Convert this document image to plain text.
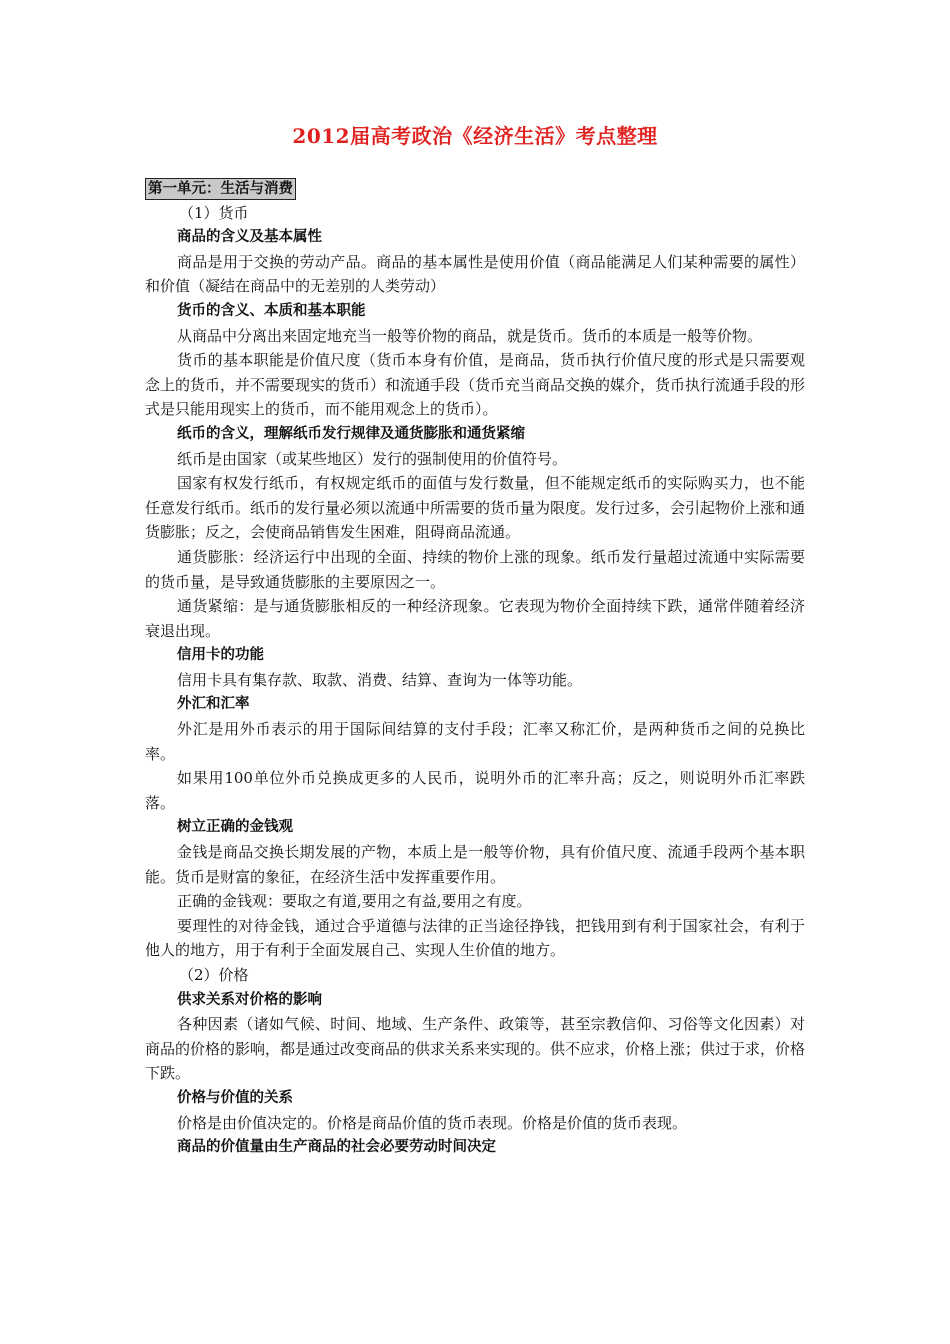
2012届高考政治《经济生活》考点整理

第一单元：生活与消费

（1）货币

商品的含义及基本属性

商品是用于交换的劳动产品。商品的基本属性是使用价值（商品能满足人们某种需要的属性）和价值（凝结在商品中的无差别的人类劳动）

货币的含义、本质和基本职能

从商品中分离出来固定地充当一般等价物的商品，就是货币。货币的本质是一般等价物。

货币的基本职能是价值尺度（货币本身有价值，是商品，货币执行价值尺度的形式是只需要观念上的货币，并不需要现实的货币）和流通手段（货币充当商品交换的媒介，货币执行流通手段的形式是只能用现实上的货币，而不能用观念上的货币）。

纸币的含义，理解纸币发行规律及通货膨胀和通货紧缩

纸币是由国家（或某些地区）发行的强制使用的价值符号。

国家有权发行纸币，有权规定纸币的面值与发行数量，但不能规定纸币的实际购买力，也不能任意发行纸币。纸币的发行量必须以流通中所需要的货币量为限度。发行过多，会引起物价上涨和通货膨胀；反之，会使商品销售发生困难，阻碍商品流通。

通货膨胀：经济运行中出现的全面、持续的物价上涨的现象。纸币发行量超过流通中实际需要的货币量，是导致通货膨胀的主要原因之一。

通货紧缩：是与通货膨胀相反的一种经济现象。它表现为物价全面持续下跌，通常伴随着经济衰退出现。

信用卡的功能

信用卡具有集存款、取款、消费、结算、查询为一体等功能。

外汇和汇率

外汇是用外币表示的用于国际间结算的支付手段；汇率又称汇价，是两种货币之间的兑换比率。

如果用100单位外币兑换成更多的人民币，说明外币的汇率升高；反之，则说明外币汇率跌落。

树立正确的金钱观

金钱是商品交换长期发展的产物，本质上是一般等价物，具有价值尺度、流通手段两个基本职能。货币是财富的象征，在经济生活中发挥重要作用。

正确的金钱观：要取之有道,要用之有益,要用之有度。

要理性的对待金钱，通过合乎道德与法律的正当途径挣钱，把钱用到有利于国家社会，有利于他人的地方，用于有利于全面发展自己、实现人生价值的地方。

（2）价格

供求关系对价格的影响

各种因素（诸如气候、时间、地域、生产条件、政策等，甚至宗教信仰、习俗等文化因素）对商品的价格的影响，都是通过改变商品的供求关系来实现的。供不应求，价格上涨；供过于求，价格下跌。

价格与价值的关系

价格是由价值决定的。价格是商品价值的货币表现。价格是价值的货币表现。

商品的价值量由生产商品的社会必要劳动时间决定
